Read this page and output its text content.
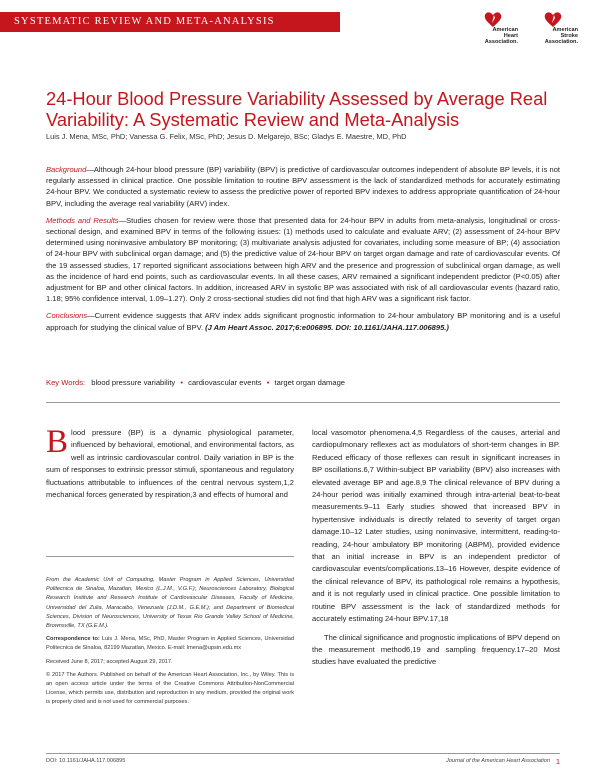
SYSTEMATIC REVIEW AND META-ANALYSIS
American
Heart
Association.
American
Stroke
Association.
24-Hour Blood Pressure Variability Assessed by Average Real Variability: A Systematic Review and Meta-Analysis

Luis J. Mena, MSc, PhD; Vanessa G. Felix, MSc, PhD; Jesus D. Melgarejo, BSc; Gladys E. Maestre, MD, PhD

Background—Although 24-hour blood pressure (BP) variability (BPV) is predictive of cardiovascular outcomes independent of absolute BP levels, it is not regularly assessed in clinical practice. One possible limitation to routine BPV assessment is the lack of standardized methods for accurately estimating 24-hour BPV. We conducted a systematic review to assess the predictive power of reported BPV indexes to address appropriate quantification of 24-hour BPV, including the average real variability (ARV) index.

Methods and Results—Studies chosen for review were those that presented data for 24-hour BPV in adults from meta-analysis, longitudinal or cross-sectional design, and examined BPV in terms of the following issues: (1) methods used to calculate and evaluate ARV; (2) assessment of 24-hour BPV determined using noninvasive ambulatory BP monitoring; (3) multivariate analysis adjusted for covariates, including some measure of BP; (4) association of 24-hour BPV with subclinical organ damage; and (5) the predictive value of 24-hour BPV on target organ damage and rate of cardiovascular events. Of the 19 assessed studies, 17 reported significant associations between high ARV and the presence and progression of subclinical organ damage, as well as the incidence of hard end points, such as cardiovascular events. In all these cases, ARV remained a significant independent predictor (P<0.05) after adjustment for BP and other clinical factors. In addition, increased ARV in systolic BP was associated with risk of all cardiovascular events (hazard ratio, 1.18; 95% confidence interval, 1.09–1.27). Only 2 cross-sectional studies did not find that high ARV was a significant risk factor.

Conclusions—Current evidence suggests that ARV index adds significant prognostic information to 24-hour ambulatory BP monitoring and is a useful approach for studying the clinical value of BPV. (J Am Heart Assoc. 2017;6:e006895. DOI: 10.1161/JAHA.117.006895.)

Key Words: blood pressure variability • cardiovascular events • target organ damage

Blood pressure (BP) is a dynamic physiological parameter, influenced by behavioral, emotional, and environmental factors, as well as intrinsic cardiovascular control. Daily variation in BP is the sum of responses to extrinsic pressor stimuli, spontaneous and regulatory fluctuations attributable to influences of the central nervous system,1,2 mechanical forces generated by respiration,3 and effects of humoral and

From the Academic Unit of Computing, Master Program in Applied Sciences, Universidad Politecnica de Sinaloa, Mazatlan, Mexico (L.J.M., V.G.F.); Neurosciences Laboratory, Biological Research Institute and Research Institute of Cardiovascular Diseases, Faculty of Medicine, Universidad del Zulia, Maracaibo, Venezuela (J.D.M., G.E.M.); and Department of Biomedical Sciences, Division of Neurosciences, University of Texas Rio Grande Valley School of Medicine, Brownsville, TX (G.E.M.).

Correspondence to: Luis J. Mena, MSc, PhD, Master Program in Applied Sciences, Universidad Politecnica de Sinaloa, 82199 Mazatlan, Mexico. E-mail: lmena@upsin.edu.mx

Received June 8, 2017; accepted August 29, 2017.

© 2017 The Authors. Published on behalf of the American Heart Association, Inc., by Wiley. This is an open access article under the terms of the Creative Commons Attribution-NonCommercial License, which permits use, distribution and reproduction in any medium, provided the original work is properly cited and is not used for commercial purposes.

local vasomotor phenomena.4,5 Regardless of the causes, arterial and cardiopulmonary reflexes act as modulators of short-term changes in BP. Reduced efficacy of those reflexes can result in significant increases in BP oscillations.6,7 Within-subject BP variability (BPV) also increases with elevated average BP and age.8,9 The clinical relevance of BPV during a 24-hour period was initially examined through intra-arterial beat-to-beat measurements.9–11 Early studies showed that increased BPV in hypertensive individuals is directly related to severity of target organ damage.10–12 Later studies, using noninvasive, intermittent, reading-to-reading, 24-hour ambulatory BP monitoring (ABPM), provided evidence that an initial increase in BPV is an independent predictor of cardiovascular events/complications.13–16 However, despite evidence of the clinical relevance of BPV, its pathological role remains a hypothesis, and it is not regularly used in clinical practice. One possible limitation to routine BPV assessment is the lack of standardized methods for accurately estimating 24-hour BPV.17,18

The clinical significance and prognostic implications of BPV depend on the measurement method6,19 and sampling frequency.17–20 Most studies have evaluated the predictive

DOI: 10.1161/JAHA.117.006895	Journal of the American Heart Association 1
